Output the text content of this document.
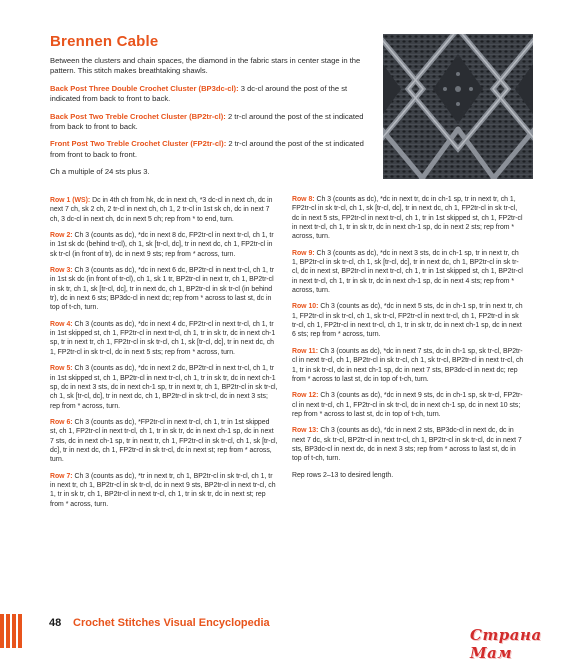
Brennen Cable

Between the clusters and chain spaces, the diamond in the fabric stars in center stage in the pattern. This stitch makes breathtaking shawls.

Back Post Three Double Crochet Cluster (BP3dc-cl): 3 dc-cl around the post of the st indicated from back to front to back.

Back Post Two Treble Crochet Cluster (BP2tr-cl): 2 tr-cl around the post of the st indicated from back to front to back.

Front Post Two Treble Crochet Cluster (FP2tr-cl): 2 tr-cl around the post of the st indicated from front to back to front.

Ch a multiple of 24 sts plus 3.

Row 1 (WS): Dc in 4th ch from hk, dc in next ch, *3 dc-cl in next ch, dc in next 7 ch, sk 2 ch, 2 tr-cl in next ch, ch 1, 2 tr-cl in 1st sk ch, dc in next 7 ch, 3 dc-cl in next ch, dc in next 5 ch; rep from * to end, turn.

Row 2: Ch 3 (counts as dc), *dc in next 8 dc, FP2tr-cl in next tr-cl, ch 1, tr in 1st sk dc (behind tr-cl), ch 1, sk [tr-cl, dc], tr in next dc, ch 1, FP2tr-cl in sk tr-cl (in front of tr), dc in next 9 sts; rep from * across, turn.

Row 3: Ch 3 (counts as dc), *dc in next 6 dc, BP2tr-cl in next tr-cl, ch 1, tr in 1st sk dc (in front of tr-cl), ch 1, sk 1 tr, BP2tr-cl in next tr, ch 1, BP2tr-cl in sk tr, ch 1, sk [tr-cl, dc], tr in next dc, ch 1, BP2tr-cl in sk tr-cl (in behind tr), dc in next 6 sts; BP3dc-cl in next dc; rep from * across to last st, dc in top of t-ch, turn.

Row 4: Ch 3 (counts as dc), *dc in next 4 dc, FP2tr-cl in next tr-cl, ch 1, tr in 1st skipped st, ch 1, FP2tr-cl in next tr-cl, ch 1, tr in sk tr, dc in next ch-1 sp, tr in next tr, ch 1, FP2tr-cl in sk tr-cl, ch 1, sk [tr-cl, dc], tr in next dc, ch 1, FP2tr-cl in sk tr-cl, dc in next 5 sts; rep from * across, turn.

Row 5: Ch 3 (counts as dc), *dc in next 2 dc, BP2tr-cl in next tr-cl, ch 1, tr in 1st skipped st, ch 1, BP2tr-cl in next tr-cl, ch 1, tr in sk tr, dc in next ch-1 sp, dc in next 3 sts, dc in next ch-1 sp, tr in next tr, ch 1, BP2tr-cl in sk tr-cl, ch 1, sk [tr-cl, dc], tr in next dc, ch 1, BP2tr-cl in sk tr-cl, dc in next 3 sts; rep from * across, turn.

Row 6: Ch 3 (counts as dc), *FP2tr-cl in next tr-cl, ch 1, tr in 1st skipped st, ch 1, FP2tr-cl in next tr-cl, ch 1, tr in sk tr, dc in next ch-1 sp, dc in next 7 sts, dc in next ch-1 sp, tr in next tr, ch 1, FP2tr-cl in sk tr-cl, ch 1, sk [tr-cl, dc], tr in next dc, ch 1, FP2tr-cl in sk tr-cl, dc in next st; rep from * across, turn.

Row 7: Ch 3 (counts as dc), *tr in next tr, ch 1, BP2tr-cl in sk tr-cl, ch 1, tr in next tr, ch 1, BP2tr-cl in sk tr-cl, dc in next 9 sts, BP2tr-cl in next tr-cl, ch 1, tr in sk tr, ch 1, BP2tr-cl in next tr-cl, ch 1, tr in sk tr, dc in next st; rep from * across, turn.

Row 8: Ch 3 (counts as dc), *dc in next tr, dc in ch-1 sp, tr in next tr, ch 1, FP2tr-cl in sk tr-cl, ch 1, sk [tr-cl, dc], tr in next dc, ch 1, FP2tr-cl in sk tr-cl, dc in next 5 sts, FP2tr-cl in next tr-cl, ch 1, tr in 1st skipped st, ch 1, FP2tr-cl in next tr-cl, ch 1, tr in sk tr, dc in next ch-1 sp, dc in next 2 sts; rep from * across, turn.

Row 9: Ch 3 (counts as dc), *dc in next 3 sts, dc in ch-1 sp, tr in next tr, ch 1, BP2tr-cl in sk tr-cl, ch 1, sk [tr-cl, dc], tr in next dc, ch 1, BP2tr-cl in sk tr-cl, dc in next st, BP2tr-cl in next tr-cl, ch 1, tr in 1st skipped st, ch 1, BP2tr-cl in next tr-cl, ch 1, tr in sk tr, dc in next ch-1 sp, dc in next 4 sts; rep from * across, turn.

Row 10: Ch 3 (counts as dc), *dc in next 5 sts, dc in ch-1 sp, tr in next tr, ch 1, FP2tr-cl in sk tr-cl, ch 1, sk tr-cl, FP2tr-cl in next tr-cl, ch 1, FP2tr-cl in sk tr-cl, ch 1, FP2tr-cl in next tr-cl, ch 1, tr in sk tr, dc in next ch-1 sp, dc in next 6 sts; rep from * across, turn.

Row 11: Ch 3 (counts as dc), *dc in next 7 sts, dc in ch-1 sp, sk tr-cl, BP2tr-cl in next tr-cl, ch 1, BP2tr-cl in sk tr-cl, ch 1, sk tr-cl, BP2tr-cl in next tr-cl, ch 1, tr in sk tr-cl, dc in next ch-1 sp, dc in next 7 sts, BP3dc-cl in next dc; rep from * across to last st, dc in top of t-ch, turn.

Row 12: Ch 3 (counts as dc), *dc in next 9 sts, dc in ch-1 sp, sk tr-cl, FP2tr-cl in next tr-cl, ch 1, FP2tr-cl in sk tr-cl, dc in next ch-1 sp, dc in next 10 sts; rep from * across to last st, dc in top of t-ch, turn.

Row 13: Ch 3 (counts as dc), *dc in next 2 sts, BP3dc-cl in next dc, dc in next 7 dc, sk tr-cl, BP2tr-cl in next tr-cl, ch 1, BP2tr-cl in sk tr-cl, dc in next 7 sts, BP3dc-cl in next dc, dc in next 3 sts; rep from * across to last st, dc in top of t-ch, turn.

Rep rows 2–13 to desired length.

48 Crochet Stitches Visual Encyclopedia
Страна Мам
